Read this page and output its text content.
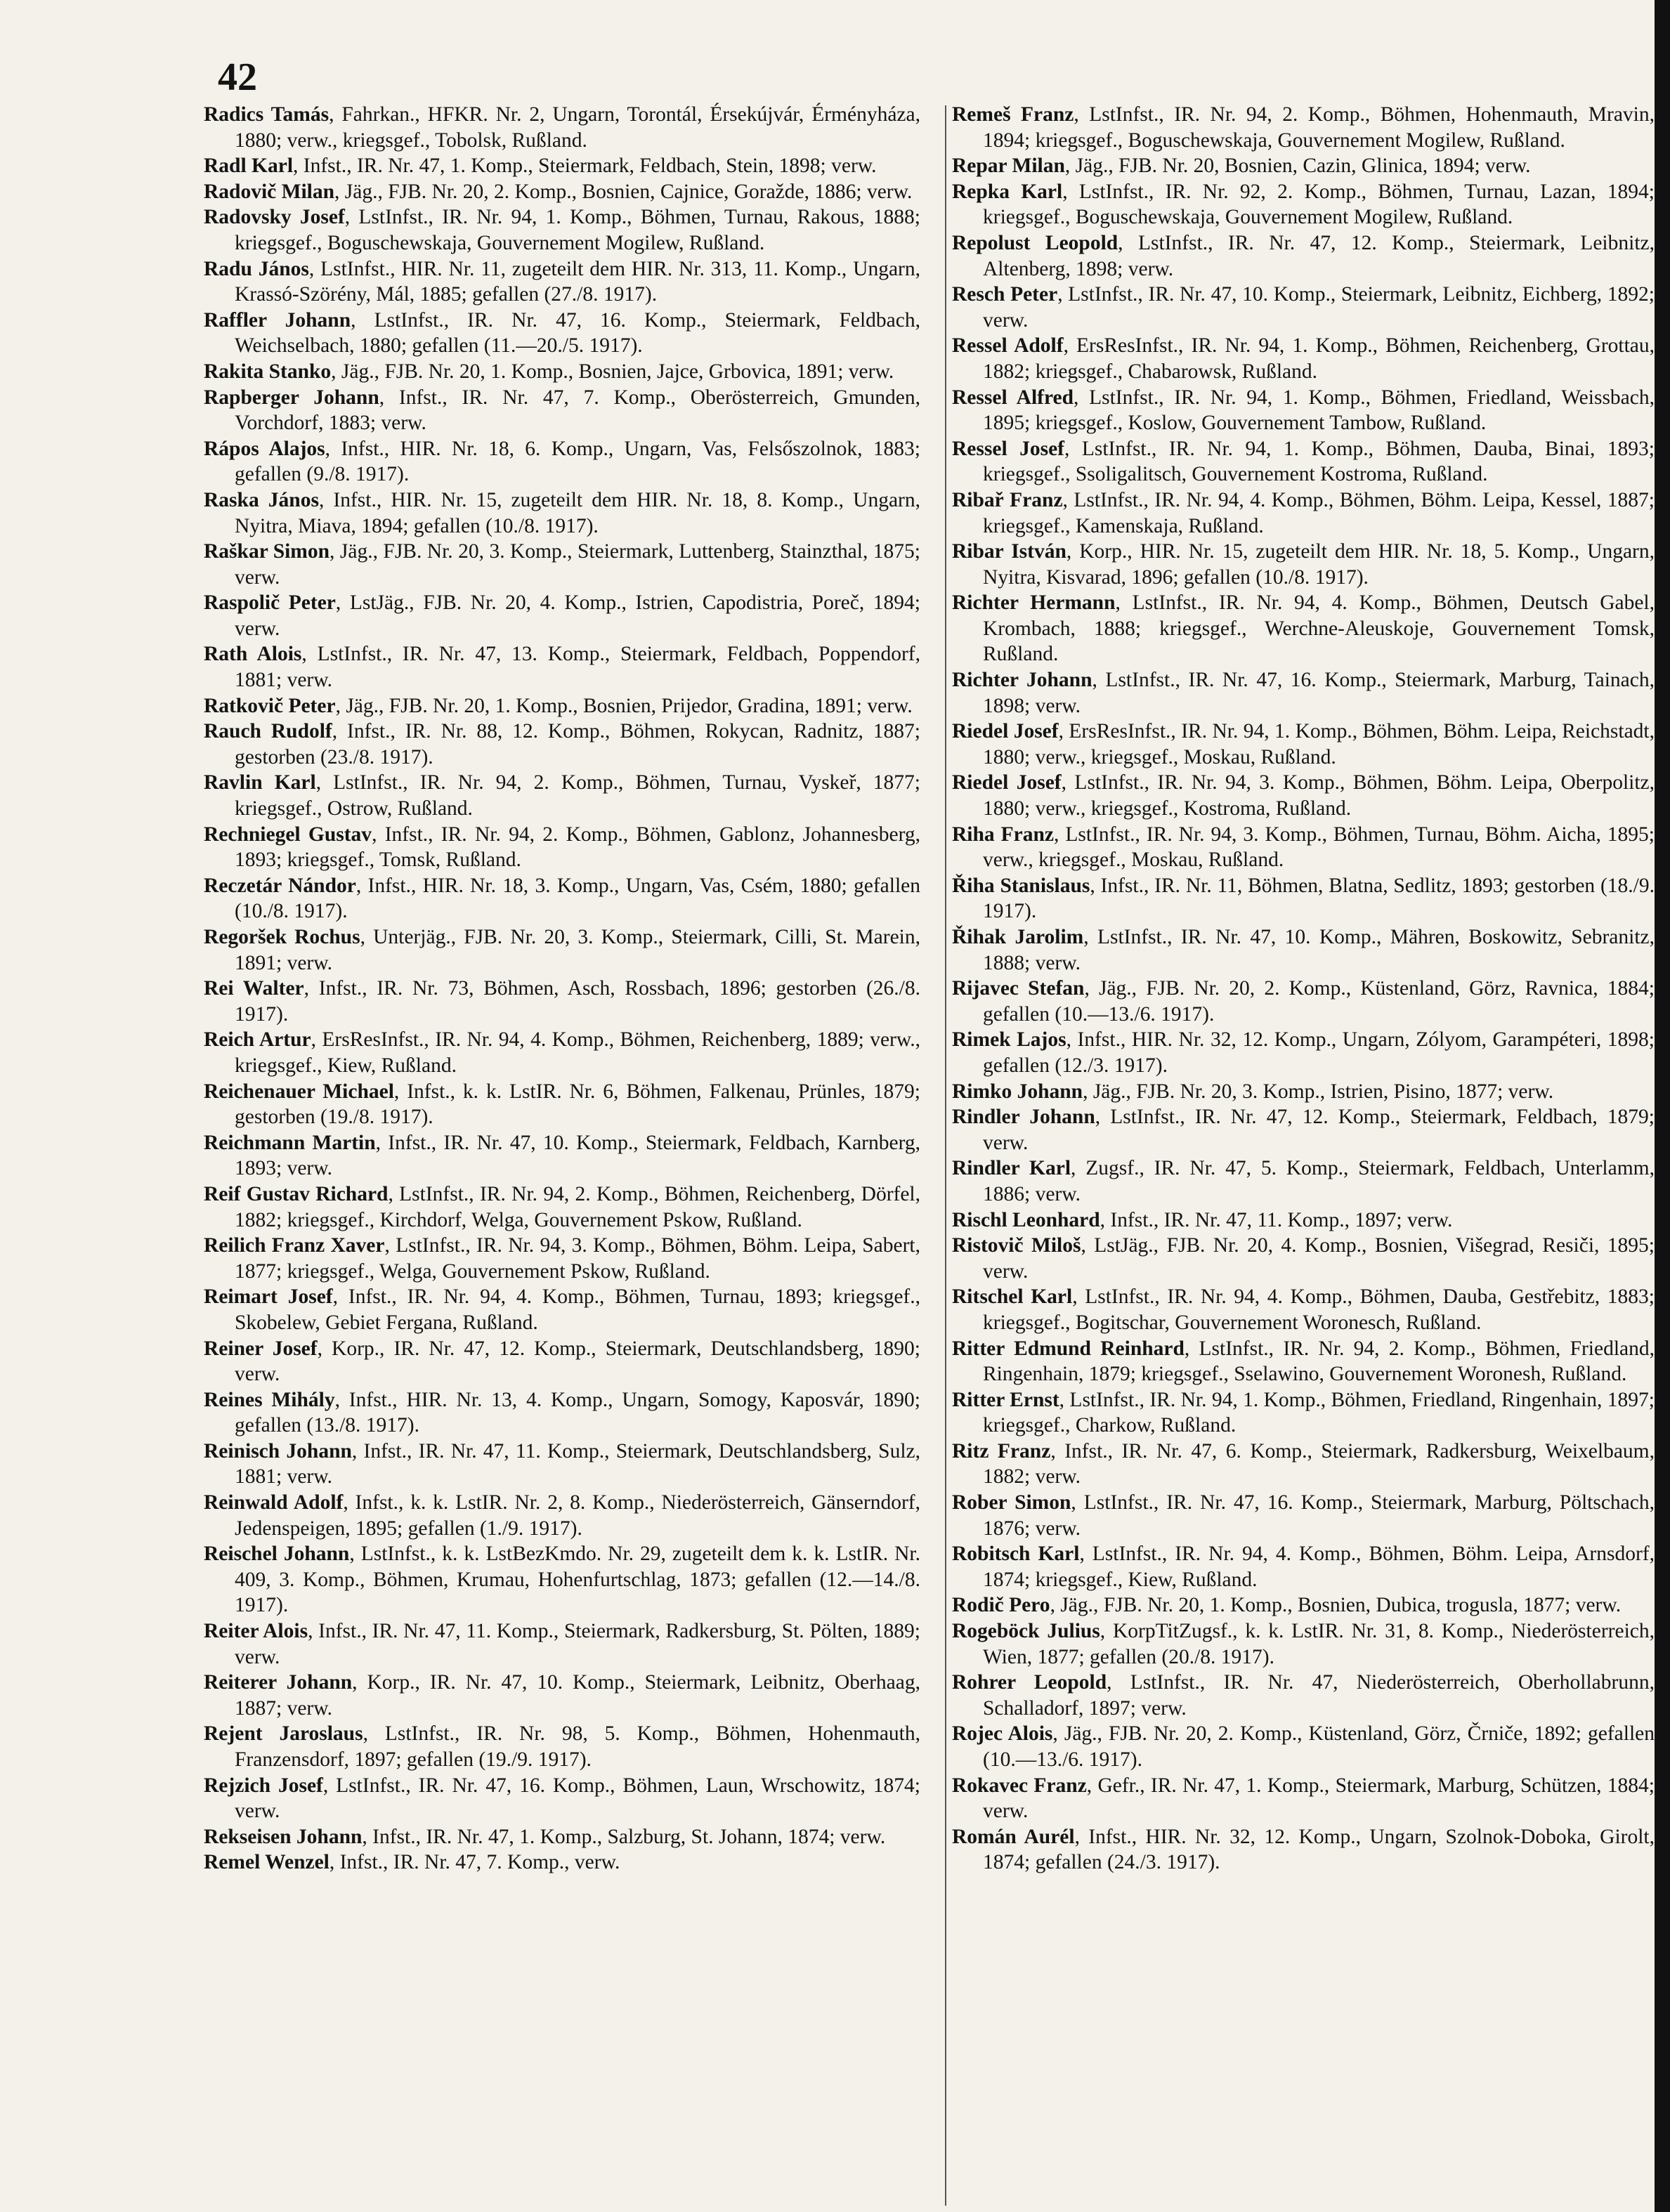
42

Radics Tamás, Fahrkan., HFKR. Nr. 2, Ungarn, Torontál, Érsekújvár, Érményháza, 1880; verw., kriegsgef., Tobolsk, Rußland.

Radl Karl, Infst., IR. Nr. 47, 1. Komp., Steiermark, Feldbach, Stein, 1898; verw.

Radovič Milan, Jäg., FJB. Nr. 20, 2. Komp., Bosnien, Cajnice, Goražde, 1886; verw.

Radovsky Josef, LstInfst., IR. Nr. 94, 1. Komp., Böhmen, Turnau, Rakous, 1888; kriegsgef., Boguschewskaja, Gouvernement Mogilew, Rußland.

Radu János, LstInfst., HIR. Nr. 11, zugeteilt dem HIR. Nr. 313, 11. Komp., Ungarn, Krassó-Szörény, Mál, 1885; gefallen (27./8. 1917).

Raffler Johann, LstInfst., IR. Nr. 47, 16. Komp., Steiermark, Feldbach, Weichselbach, 1880; gefallen (11.—20./5. 1917).

Rakita Stanko, Jäg., FJB. Nr. 20, 1. Komp., Bosnien, Jajce, Grbovica, 1891; verw.

Rapberger Johann, Infst., IR. Nr. 47, 7. Komp., Oberösterreich, Gmunden, Vorchdorf, 1883; verw.

Rápos Alajos, Infst., HIR. Nr. 18, 6. Komp., Ungarn, Vas, Felsőszolnok, 1883; gefallen (9./8. 1917).

Raska János, Infst., HIR. Nr. 15, zugeteilt dem HIR. Nr. 18, 8. Komp., Ungarn, Nyitra, Miava, 1894; gefallen (10./8. 1917).

Raškar Simon, Jäg., FJB. Nr. 20, 3. Komp., Steiermark, Luttenberg, Stainzthal, 1875; verw.

Raspolič Peter, LstJäg., FJB. Nr. 20, 4. Komp., Istrien, Capodistria, Poreč, 1894; verw.

Rath Alois, LstInfst., IR. Nr. 47, 13. Komp., Steiermark, Feldbach, Poppendorf, 1881; verw.

Ratkovič Peter, Jäg., FJB. Nr. 20, 1. Komp., Bosnien, Prijedor, Gradina, 1891; verw.

Rauch Rudolf, Infst., IR. Nr. 88, 12. Komp., Böhmen, Rokycan, Radnitz, 1887; gestorben (23./8. 1917).

Ravlin Karl, LstInfst., IR. Nr. 94, 2. Komp., Böhmen, Turnau, Vyskeř, 1877; kriegsgef., Ostrow, Rußland.

Rechniegel Gustav, Infst., IR. Nr. 94, 2. Komp., Böhmen, Gablonz, Johannesberg, 1893; kriegsgef., Tomsk, Rußland.

Reczetár Nándor, Infst., HIR. Nr. 18, 3. Komp., Ungarn, Vas, Csém, 1880; gefallen (10./8. 1917).

Regoršek Rochus, Unterjäg., FJB. Nr. 20, 3. Komp., Steiermark, Cilli, St. Marein, 1891; verw.

Rei Walter, Infst., IR. Nr. 73, Böhmen, Asch, Rossbach, 1896; gestorben (26./8. 1917).

Reich Artur, ErsResInfst., IR. Nr. 94, 4. Komp., Böhmen, Reichenberg, 1889; verw., kriegsgef., Kiew, Rußland.

Reichenauer Michael, Infst., k. k. LstIR. Nr. 6, Böhmen, Falkenau, Prünles, 1879; gestorben (19./8. 1917).

Reichmann Martin, Infst., IR. Nr. 47, 10. Komp., Steiermark, Feldbach, Karnberg, 1893; verw.

Reif Gustav Richard, LstInfst., IR. Nr. 94, 2. Komp., Böhmen, Reichenberg, Dörfel, 1882; kriegsgef., Kirchdorf, Welga, Gouvernement Pskow, Rußland.

Reilich Franz Xaver, LstInfst., IR. Nr. 94, 3. Komp., Böhmen, Böhm. Leipa, Sabert, 1877; kriegsgef., Welga, Gouvernement Pskow, Rußland.

Reimart Josef, Infst., IR. Nr. 94, 4. Komp., Böhmen, Turnau, 1893; kriegsgef., Skobelew, Gebiet Fergana, Rußland.

Reiner Josef, Korp., IR. Nr. 47, 12. Komp., Steiermark, Deutschlandsberg, 1890; verw.

Reines Mihály, Infst., HIR. Nr. 13, 4. Komp., Ungarn, Somogy, Kaposvár, 1890; gefallen (13./8. 1917).

Reinisch Johann, Infst., IR. Nr. 47, 11. Komp., Steiermark, Deutschlandsberg, Sulz, 1881; verw.

Reinwald Adolf, Infst., k. k. LstIR. Nr. 2, 8. Komp., Niederösterreich, Gänserndorf, Jedenspeigen, 1895; gefallen (1./9. 1917).

Reischel Johann, LstInfst., k. k. LstBezKmdo. Nr. 29, zugeteilt dem k. k. LstIR. Nr. 409, 3. Komp., Böhmen, Krumau, Hohenfurtschlag, 1873; gefallen (12.—14./8. 1917).

Reiter Alois, Infst., IR. Nr. 47, 11. Komp., Steiermark, Radkersburg, St. Pölten, 1889; verw.

Reiterer Johann, Korp., IR. Nr. 47, 10. Komp., Steiermark, Leibnitz, Oberhaag, 1887; verw.

Rejent Jaroslaus, LstInfst., IR. Nr. 98, 5. Komp., Böhmen, Hohenmauth, Franzensdorf, 1897; gefallen (19./9. 1917).

Rejzich Josef, LstInfst., IR. Nr. 47, 16. Komp., Böhmen, Laun, Wrschowitz, 1874; verw.

Rekseisen Johann, Infst., IR. Nr. 47, 1. Komp., Salzburg, St. Johann, 1874; verw.

Remel Wenzel, Infst., IR. Nr. 47, 7. Komp., verw.

Remeš Franz, LstInfst., IR. Nr. 94, 2. Komp., Böhmen, Hohenmauth, Mravin, 1894; kriegsgef., Boguschewskaja, Gouvernement Mogilew, Rußland.

Repar Milan, Jäg., FJB. Nr. 20, Bosnien, Cazin, Glinica, 1894; verw.

Repka Karl, LstInfst., IR. Nr. 92, 2. Komp., Böhmen, Turnau, Lazan, 1894; kriegsgef., Boguschewskaja, Gouvernement Mogilew, Rußland.

Repolust Leopold, LstInfst., IR. Nr. 47, 12. Komp., Steiermark, Leibnitz, Altenberg, 1898; verw.

Resch Peter, LstInfst., IR. Nr. 47, 10. Komp., Steiermark, Leibnitz, Eichberg, 1892; verw.

Ressel Adolf, ErsResInfst., IR. Nr. 94, 1. Komp., Böhmen, Reichenberg, Grottau, 1882; kriegsgef., Chabarowsk, Rußland.

Ressel Alfred, LstInfst., IR. Nr. 94, 1. Komp., Böhmen, Friedland, Weissbach, 1895; kriegsgef., Koslow, Gouvernement Tambow, Rußland.

Ressel Josef, LstInfst., IR. Nr. 94, 1. Komp., Böhmen, Dauba, Binai, 1893; kriegsgef., Ssoligalitsch, Gouvernement Kostroma, Rußland.

Ribař Franz, LstInfst., IR. Nr. 94, 4. Komp., Böhmen, Böhm. Leipa, Kessel, 1887; kriegsgef., Kamenskaja, Rußland.

Ribar István, Korp., HIR. Nr. 15, zugeteilt dem HIR. Nr. 18, 5. Komp., Ungarn, Nyitra, Kisvarad, 1896; gefallen (10./8. 1917).

Richter Hermann, LstInfst., IR. Nr. 94, 4. Komp., Böhmen, Deutsch Gabel, Krombach, 1888; kriegsgef., Werchne-Aleuskoje, Gouvernement Tomsk, Rußland.

Richter Johann, LstInfst., IR. Nr. 47, 16. Komp., Steiermark, Marburg, Tainach, 1898; verw.

Riedel Josef, ErsResInfst., IR. Nr. 94, 1. Komp., Böhmen, Böhm. Leipa, Reichstadt, 1880; verw., kriegsgef., Moskau, Rußland.

Riedel Josef, LstInfst., IR. Nr. 94, 3. Komp., Böhmen, Böhm. Leipa, Oberpolitz, 1880; verw., kriegsgef., Kostroma, Rußland.

Riha Franz, LstInfst., IR. Nr. 94, 3. Komp., Böhmen, Turnau, Böhm. Aicha, 1895; verw., kriegsgef., Moskau, Rußland.

Řiha Stanislaus, Infst., IR. Nr. 11, Böhmen, Blatna, Sedlitz, 1893; gestorben (18./9. 1917).

Řihak Jarolim, LstInfst., IR. Nr. 47, 10. Komp., Mähren, Boskowitz, Sebranitz, 1888; verw.

Rijavec Stefan, Jäg., FJB. Nr. 20, 2. Komp., Küstenland, Görz, Ravnica, 1884; gefallen (10.—13./6. 1917).

Rimek Lajos, Infst., HIR. Nr. 32, 12. Komp., Ungarn, Zólyom, Garampéteri, 1898; gefallen (12./3. 1917).

Rimko Johann, Jäg., FJB. Nr. 20, 3. Komp., Istrien, Pisino, 1877; verw.

Rindler Johann, LstInfst., IR. Nr. 47, 12. Komp., Steiermark, Feldbach, 1879; verw.

Rindler Karl, Zugsf., IR. Nr. 47, 5. Komp., Steiermark, Feldbach, Unterlamm, 1886; verw.

Rischl Leonhard, Infst., IR. Nr. 47, 11. Komp., 1897; verw.

Ristovič Miloš, LstJäg., FJB. Nr. 20, 4. Komp., Bosnien, Višegrad, Resiči, 1895; verw.

Ritschel Karl, LstInfst., IR. Nr. 94, 4. Komp., Böhmen, Dauba, Gestřebitz, 1883; kriegsgef., Bogitschar, Gouvernement Woronesch, Rußland.

Ritter Edmund Reinhard, LstInfst., IR. Nr. 94, 2. Komp., Böhmen, Friedland, Ringenhain, 1879; kriegsgef., Sselawino, Gouvernement Woronesh, Rußland.

Ritter Ernst, LstInfst., IR. Nr. 94, 1. Komp., Böhmen, Friedland, Ringenhain, 1897; kriegsgef., Charkow, Rußland.

Ritz Franz, Infst., IR. Nr. 47, 6. Komp., Steiermark, Radkersburg, Weixelbaum, 1882; verw.

Rober Simon, LstInfst., IR. Nr. 47, 16. Komp., Steiermark, Marburg, Pöltschach, 1876; verw.

Robitsch Karl, LstInfst., IR. Nr. 94, 4. Komp., Böhmen, Böhm. Leipa, Arnsdorf, 1874; kriegsgef., Kiew, Rußland.

Rodič Pero, Jäg., FJB. Nr. 20, 1. Komp., Bosnien, Dubica, trogusla, 1877; verw.

Rogeböck Julius, KorpTitZugsf., k. k. LstIR. Nr. 31, 8. Komp., Niederösterreich, Wien, 1877; gefallen (20./8. 1917).

Rohrer Leopold, LstInfst., IR. Nr. 47, Niederösterreich, Oberhollabrunn, Schalladorf, 1897; verw.

Rojec Alois, Jäg., FJB. Nr. 20, 2. Komp., Küstenland, Görz, Črniče, 1892; gefallen (10.—13./6. 1917).

Rokavec Franz, Gefr., IR. Nr. 47, 1. Komp., Steiermark, Marburg, Schützen, 1884; verw.

Román Aurél, Infst., HIR. Nr. 32, 12. Komp., Ungarn, Szolnok-Doboka, Girolt, 1874; gefallen (24./3. 1917).
